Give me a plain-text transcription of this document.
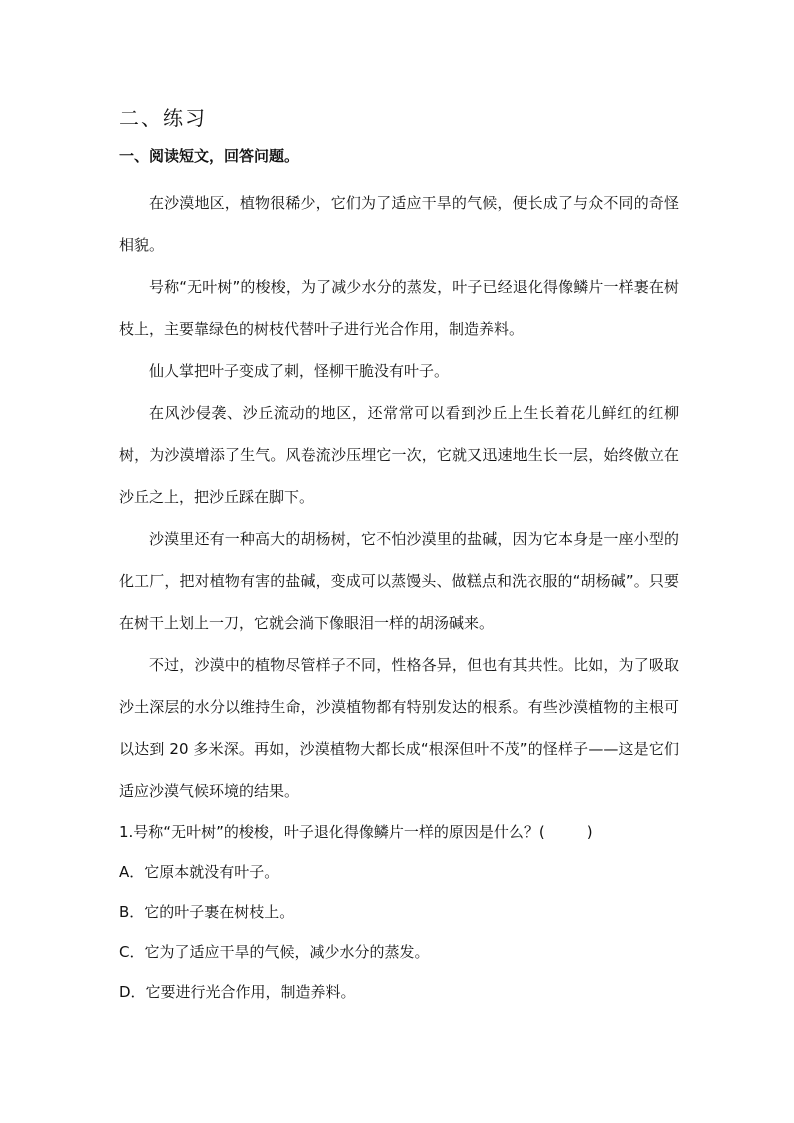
二、练习
一、阅读短文，回答问题。

在沙漠地区，植物很稀少，它们为了适应干旱的气候，便长成了与众不同的奇怪相貌。

号称“无叶树”的梭梭，为了减少水分的蒸发，叶子已经退化得像鳞片一样裹在树枝上，主要靠绿色的树枝代替叶子进行光合作用，制造养料。

仙人掌把叶子变成了刺，怪柳干脆没有叶子。

在风沙侵袭、沙丘流动的地区，还常常可以看到沙丘上生长着花儿鲜红的红柳树，为沙漠增添了生气。风卷流沙压埋它一次，它就又迅速地生长一层，始终傲立在沙丘之上，把沙丘踩在脚下。

沙漠里还有一种高大的胡杨树，它不怕沙漠里的盐碱，因为它本身是一座小型的化工厂，把对植物有害的盐碱，变成可以蒸馒头、做糕点和洗衣服的“胡杨碱”。只要在树干上划上一刀，它就会淌下像眼泪一样的胡汤碱来。

不过，沙漠中的植物尽管样子不同，性格各异，但也有其共性。比如，为了吸取沙土深层的水分以维持生命，沙漠植物都有特别发达的根系。有些沙漠植物的主根可以达到 20 多米深。再如，沙漠植物大都长成“根深但叶不茂”的怪样子——这是它们适应沙漠气候环境的结果。

1.号称“无叶树”的梭梭，叶子退化得像鳞片一样的原因是什么？(	)

A．它原本就没有叶子。

B．它的叶子裹在树枝上。

C．它为了适应干旱的气候，减少水分的蒸发。

D．它要进行光合作用，制造养料。
